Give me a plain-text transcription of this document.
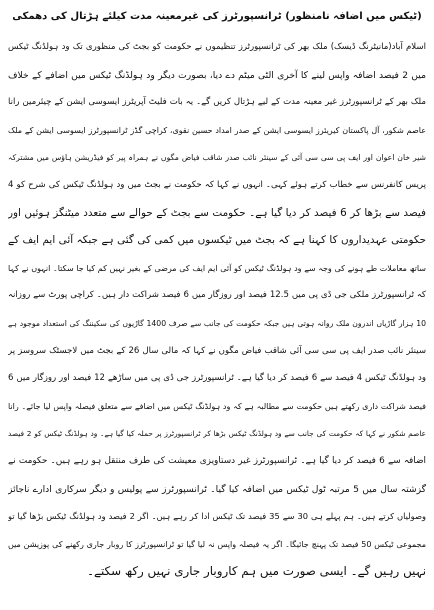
(ٹیکس میں اضافہ نامنظور) ٹرانسپورٹرز کی غیرمعینہ مدت کیلئے ہڑتال کی دھمکی
اسلام آباد(مانیٹرنگ ڈیسک) ملک بھر کی ٹرانسپورٹرز تنظیموں نے حکومت کو بجٹ کی منظوری تک ود ہولڈنگ ٹیکس
میں 2 فیصد اضافہ واپس لینے کا آخری الٹی میٹم دے دیا، بصورت دیگر ود ہولڈنگ ٹیکس میں اضافے کے خلاف
ملک بھر کے ٹرانسپورٹرز غیر معینہ مدت کے لیے ہڑتال کریں گے۔ یہ بات فلیٹ آپریٹرز ایسوسی ایشن کے چیئرمین رانا
عاصم شکور، آل پاکستان کیریئرز ایسوسی ایشن کے صدر امداد حسین نقوی، کراچی گڈز ٹرانسپورٹرز ایسوسی ایشن کے ملک
شیر خان اعوان اور ایف پی سی سی آئی کے سینئر نائب صدر شاقب فیاض مگوں نے ہمراہ پیر کو فیڈریشن ہاؤس میں مشترکہ
پریس کانفرنس سے خطاب کرتے ہوئے کہی۔ انہوں نے کہا کہ حکومت نے بجٹ میں ود ہولڈنگ ٹیکس کی شرح کو 4
فیصد سے بڑھا کر 6 فیصد کر دیا گیا ہے۔ حکومت سے بجٹ کے حوالے سے متعدد میٹنگز ہوئیں اور
حکومتی عہدیداروں کا کہنا ہے کہ بجٹ میں ٹیکسوں میں کمی کی گئی ہے جبکہ آئی ایم ایف کے
ساتھ معاملات طے ہونے کی وجہ سے ود ہولڈنگ ٹیکس کو آئی ایم ایف کی مرضی کے بغیر نہیں کم کیا جا سکتا۔ انہوں نے کہا
کہ ٹرانسپورٹرز ملکی جی ڈی پی میں 12.5 فیصد اور روزگار میں 6 فیصد شراکت دار ہیں۔ کراچی پورٹ سے روزانہ
10 ہزار گاڑیاں اندرون ملک روانہ ہوتی ہیں جبکہ حکومت کی جانب سے صرف 1400 گاڑیوں کی سکیننگ کی استعداد موجود ہے
سینئر نائب صدر ایف پی سی سی آئی شاقب فیاض مگوں نے کہا کہ مالی سال 26 کے بجٹ میں لاجسٹک سروسز پر
ود ہولڈنگ ٹیکس 4 فیصد سے 6 فیصد کر دیا گیا ہے۔ ٹرانسپورٹرز جی ڈی پی میں ساڑھے 12 فیصد اور روزگار میں 6
فیصد شراکت داری رکھتے ہیں حکومت سے مطالبہ ہے کہ ود ہولڈنگ ٹیکس میں اضافے سے متعلق فیصلہ واپس لیا جائے۔ رانا
عاصم شکور نے کہا کہ حکومت کی جانب سے ود ہولڈنگ ٹیکس بڑھا کر ٹرانسپورٹرز پر حملہ کیا گیا ہے۔ ود ہولڈنگ ٹیکس کو 2 فیصد
اضافہ سے 6 فیصد کر دیا گیا ہے۔ ٹرانسپورٹرز غیر دستاویزی معیشت کی طرف منتقل ہو رہے ہیں۔ حکومت نے
گزشتہ سال میں 5 مرتبہ ٹول ٹیکس میں اضافہ کیا گیا۔ ٹرانسپورٹرز سے پولیس و دیگر سرکاری ادارے ناجائز
وصولیاں کرتے ہیں۔ ہم پہلے ہی 30 سے 35 فیصد تک ٹیکس ادا کر رہے ہیں۔ اگر 2 فیصد ود ہولڈنگ ٹیکس بڑھا گیا تو
مجموعی ٹیکس 50 فیصد تک پہنچ جائیگا۔ اگر یہ فیصلہ واپس نہ لیا گیا تو ٹرانسپورٹرز کا روبار جاری رکھنے کی پوزیشن میں
نہیں رہیں گے۔ ایسی صورت میں ہم کاروبار جاری نہیں رکھ سکتے۔
